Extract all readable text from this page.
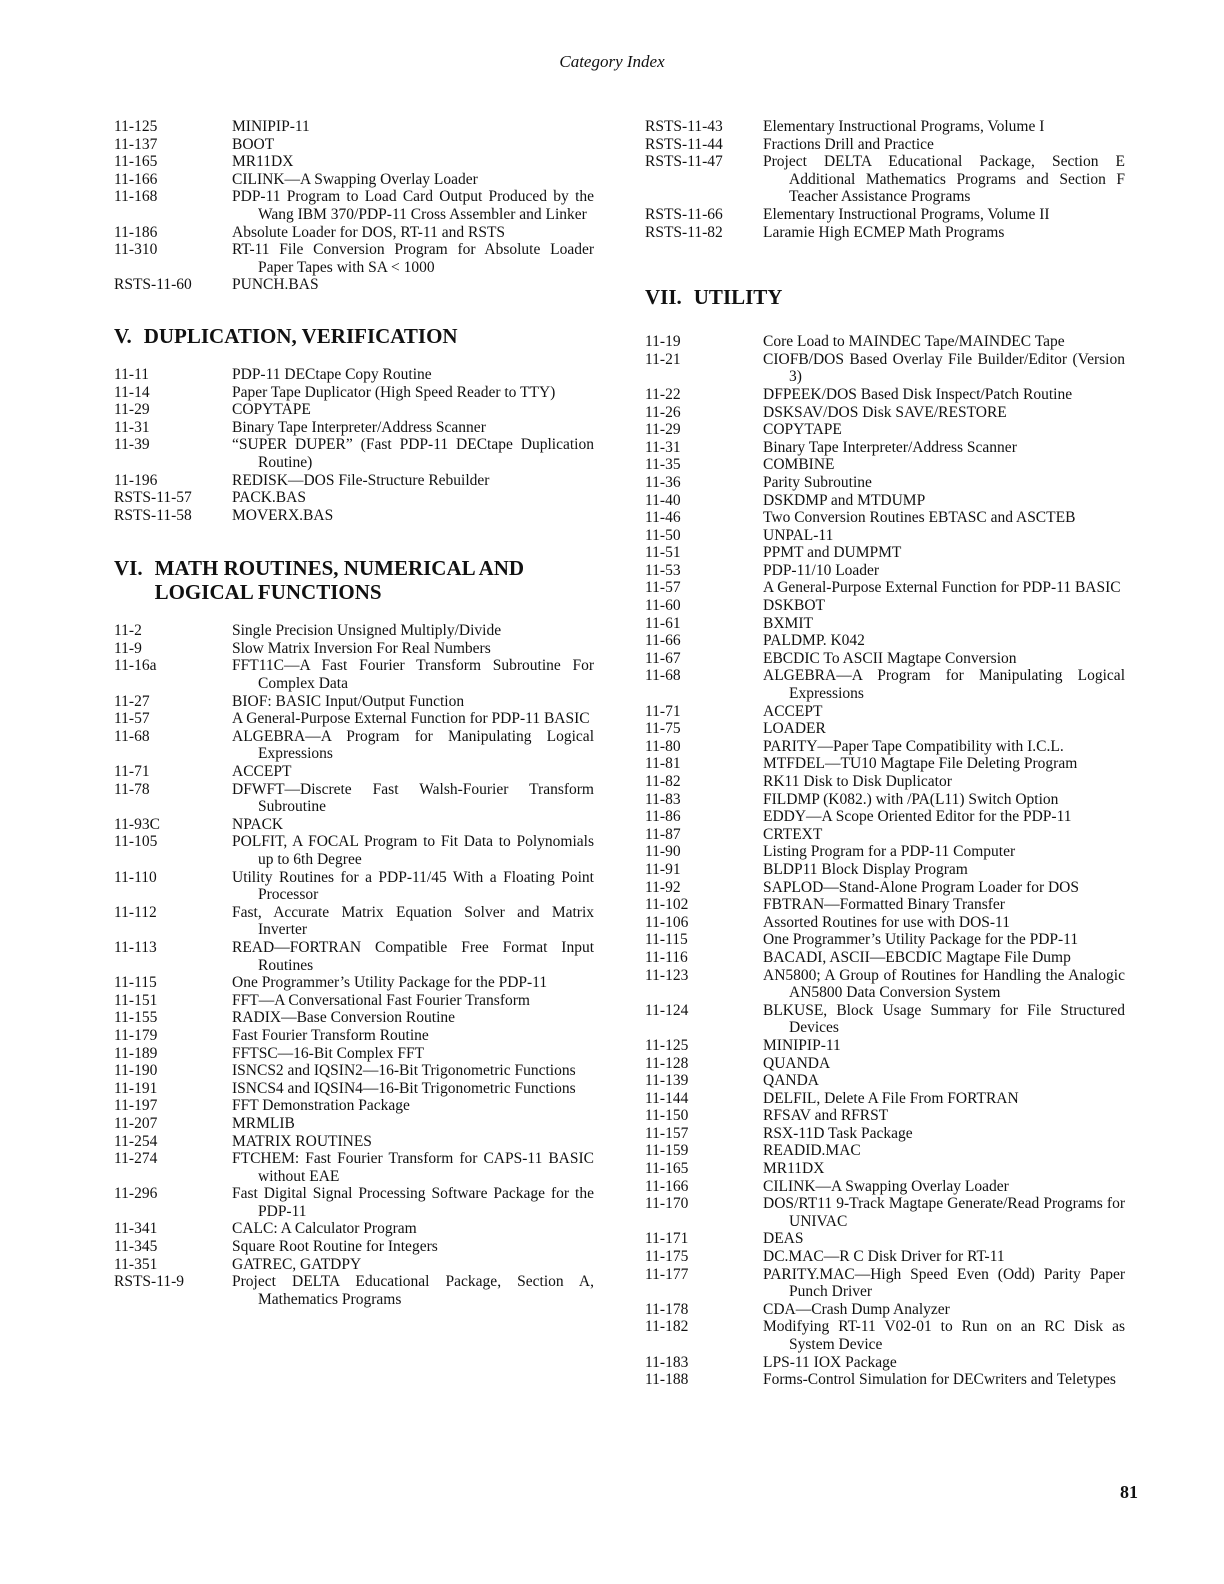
Category Index
11-125	MINIPIP-11
11-137	BOOT
11-165	MR11DX
11-166	CILINK—A Swapping Overlay Loader
11-168	PDP-11 Program to Load Card Output Produced by the Wang IBM 370/PDP-11 Cross Assembler and Linker
11-186	Absolute Loader for DOS, RT-11 and RSTS
11-310	RT-11 File Conversion Program for Absolute Loader Paper Tapes with SA < 1000
RSTS-11-60	PUNCH.BAS
V. DUPLICATION, VERIFICATION
11-11	PDP-11 DECtape Copy Routine
11-14	Paper Tape Duplicator (High Speed Reader to TTY)
11-29	COPYTAPE
11-31	Binary Tape Interpreter/Address Scanner
11-39	“SUPER DUPER” (Fast PDP-11 DECtape Duplication Routine)
11-196	REDISK—DOS File-Structure Rebuilder
RSTS-11-57	PACK.BAS
RSTS-11-58	MOVERX.BAS
VI. MATH ROUTINES, NUMERICAL AND LOGICAL FUNCTIONS
11-2	Single Precision Unsigned Multiply/Divide
11-9	Slow Matrix Inversion For Real Numbers
11-16a	FFT11C—A Fast Fourier Transform Subroutine For Complex Data
11-27	BIOF: BASIC Input/Output Function
11-57	A General-Purpose External Function for PDP-11 BASIC
11-68	ALGEBRA—A Program for Manipulating Logical Expressions
11-71	ACCEPT
11-78	DFWFT—Discrete Fast Walsh-Fourier Transform Subroutine
11-93C	NPACK
11-105	POLFIT, A FOCAL Program to Fit Data to Polynomials up to 6th Degree
11-110	Utility Routines for a PDP-11/45 With a Floating Point Processor
11-112	Fast, Accurate Matrix Equation Solver and Matrix Inverter
11-113	READ—FORTRAN Compatible Free Format Input Routines
11-115	One Programmer’s Utility Package for the PDP-11
11-151	FFT—A Conversational Fast Fourier Transform
11-155	RADIX—Base Conversion Routine
11-179	Fast Fourier Transform Routine
11-189	FFTSC—16-Bit Complex FFT
11-190	ISNCS2 and IQSIN2—16-Bit Trigonometric Functions
11-191	ISNCS4 and IQSIN4—16-Bit Trigonometric Functions
11-197	FFT Demonstration Package
11-207	MRMLIB
11-254	MATRIX ROUTINES
11-274	FTCHEM: Fast Fourier Transform for CAPS-11 BASIC without EAE
11-296	Fast Digital Signal Processing Software Package for the PDP-11
11-341	CALC: A Calculator Program
11-345	Square Root Routine for Integers
11-351	GATREC, GATDPY
RSTS-11-9	Project DELTA Educational Package, Section A, Mathematics Programs
RSTS-11-43	Elementary Instructional Programs, Volume I
RSTS-11-44	Fractions Drill and Practice
RSTS-11-47	Project DELTA Educational Package, Section E Additional Mathematics Programs and Section F Teacher Assistance Programs
RSTS-11-66	Elementary Instructional Programs, Volume II
RSTS-11-82	Laramie High ECMEP Math Programs
VII. UTILITY
11-19	Core Load to MAINDEC Tape/MAINDEC Tape
11-21	CIOFB/DOS Based Overlay File Builder/Editor (Version 3)
11-22	DFPEEK/DOS Based Disk Inspect/Patch Routine
11-26	DSKSAV/DOS Disk SAVE/RESTORE
11-29	COPYTAPE
11-31	Binary Tape Interpreter/Address Scanner
11-35	COMBINE
11-36	Parity Subroutine
11-40	DSKDMP and MTDUMP
11-46	Two Conversion Routines EBTASC and ASCTEB
11-50	UNPAL-11
11-51	PPMT and DUMPMT
11-53	PDP-11/10 Loader
11-57	A General-Purpose External Function for PDP-11 BASIC
11-60	DSKBOT
11-61	BXMIT
11-66	PALDMP. K042
11-67	EBCDIC To ASCII Magtape Conversion
11-68	ALGEBRA—A Program for Manipulating Logical Expressions
11-71	ACCEPT
11-75	LOADER
11-80	PARITY—Paper Tape Compatibility with I.C.L.
11-81	MTFDEL—TU10 Magtape File Deleting Program
11-82	RK11 Disk to Disk Duplicator
11-83	FILDMP (K082.) with /PA(L11) Switch Option
11-86	EDDY—A Scope Oriented Editor for the PDP-11
11-87	CRTEXT
11-90	Listing Program for a PDP-11 Computer
11-91	BLDP11 Block Display Program
11-92	SAPLOD—Stand-Alone Program Loader for DOS
11-102	FBTRAN—Formatted Binary Transfer
11-106	Assorted Routines for use with DOS-11
11-115	One Programmer’s Utility Package for the PDP-11
11-116	BACADI, ASCII—EBCDIC Magtape File Dump
11-123	AN5800; A Group of Routines for Handling the Analogic AN5800 Data Conversion System
11-124	BLKUSE, Block Usage Summary for File Structured Devices
11-125	MINIPIP-11
11-128	QUANDA
11-139	QANDA
11-144	DELFIL, Delete A File From FORTRAN
11-150	RFSAV and RFRST
11-157	RSX-11D Task Package
11-159	READID.MAC
11-165	MR11DX
11-166	CILINK—A Swapping Overlay Loader
11-170	DOS/RT11 9-Track Magtape Generate/Read Programs for UNIVAC
11-171	DEAS
11-175	DC.MAC—R C Disk Driver for RT-11
11-177	PARITY.MAC—High Speed Even (Odd) Parity Paper Punch Driver
11-178	CDA—Crash Dump Analyzer
11-182	Modifying RT-11 V02-01 to Run on an RC Disk as System Device
11-183	LPS-11 IOX Package
11-188	Forms-Control Simulation for DECwriters and Teletypes
81
